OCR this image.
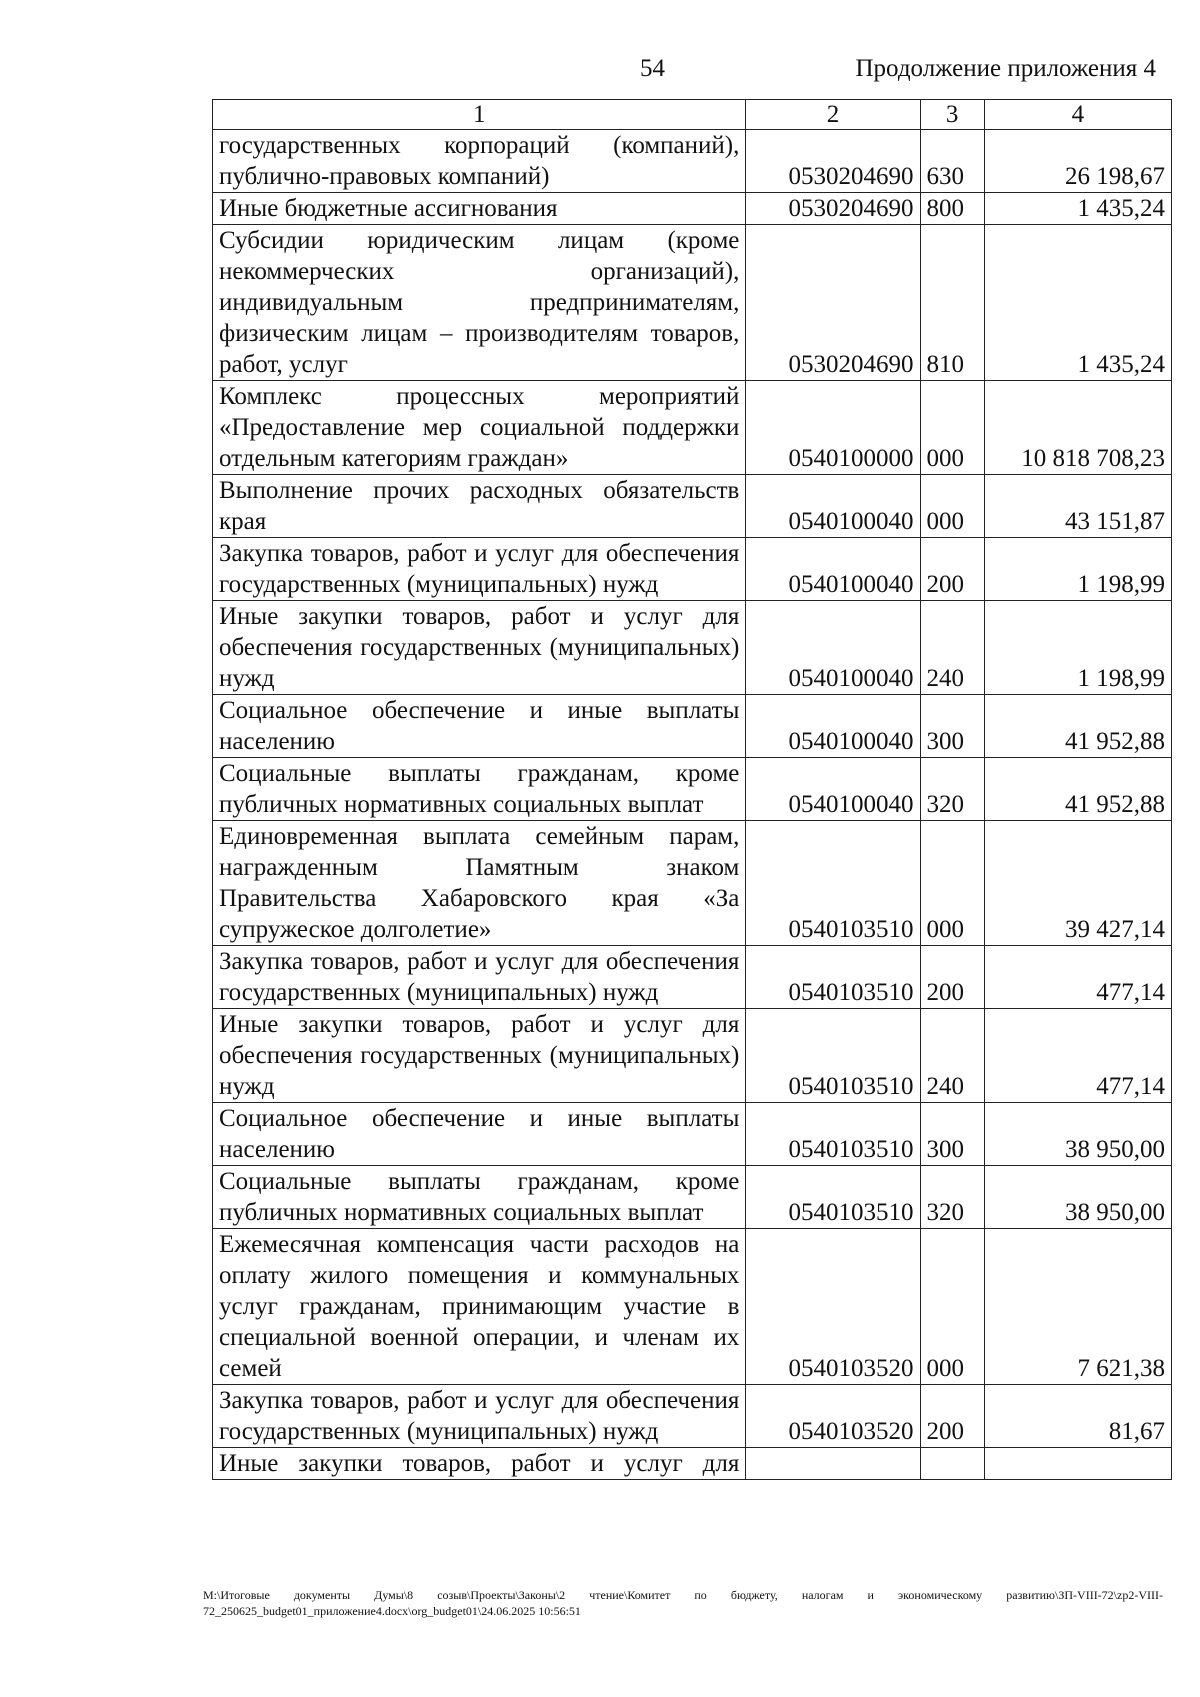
54	Продолжение приложения 4
1	2	3	4
государственных корпораций (компаний), публично-правовых компаний)	0530204690	630	26 198,67
Иные бюджетные ассигнования	0530204690	800	1 435,24
Субсидии юридическим лицам (кроме некоммерческих организаций), индивидуальным предпринимателям, физическим лицам – производителям товаров, работ, услуг	0530204690	810	1 435,24
Комплекс процессных мероприятий «Предоставление мер социальной поддержки отдельным категориям граждан»	0540100000	000	10 818 708,23
Выполнение прочих расходных обязательств края	0540100040	000	43 151,87
Закупка товаров, работ и услуг для обеспечения государственных (муниципальных) нужд	0540100040	200	1 198,99
Иные закупки товаров, работ и услуг для обеспечения государственных (муниципальных) нужд	0540100040	240	1 198,99
Социальное обеспечение и иные выплаты населению	0540100040	300	41 952,88
Социальные выплаты гражданам, кроме публичных нормативных социальных выплат	0540100040	320	41 952,88
Единовременная выплата семейным парам, награжденным Памятным знаком Правительства Хабаровского края «За супружеское долголетие»	0540103510	000	39 427,14
Закупка товаров, работ и услуг для обеспечения государственных (муниципальных) нужд	0540103510	200	477,14
Иные закупки товаров, работ и услуг для обеспечения государственных (муниципальных) нужд	0540103510	240	477,14
Социальное обеспечение и иные выплаты населению	0540103510	300	38 950,00
Социальные выплаты гражданам, кроме публичных нормативных социальных выплат	0540103510	320	38 950,00
Ежемесячная компенсация части расходов на оплату жилого помещения и коммунальных услуг гражданам, принимающим участие в специальной военной операции, и членам их семей	0540103520	000	7 621,38
Закупка товаров, работ и услуг для обеспечения государственных (муниципальных) нужд	0540103520	200	81,67
Иные закупки товаров, работ и услуг для			
M:\Итоговые документы Думы\8 созыв\Проекты\Законы\2 чтение\Комитет по бюджету, налогам и экономическому развитию\ЗП-VIII-72\zp2-VIII-72_250625_budget01_приложение4.docx\org_budget01\24.06.2025 10:56:51
